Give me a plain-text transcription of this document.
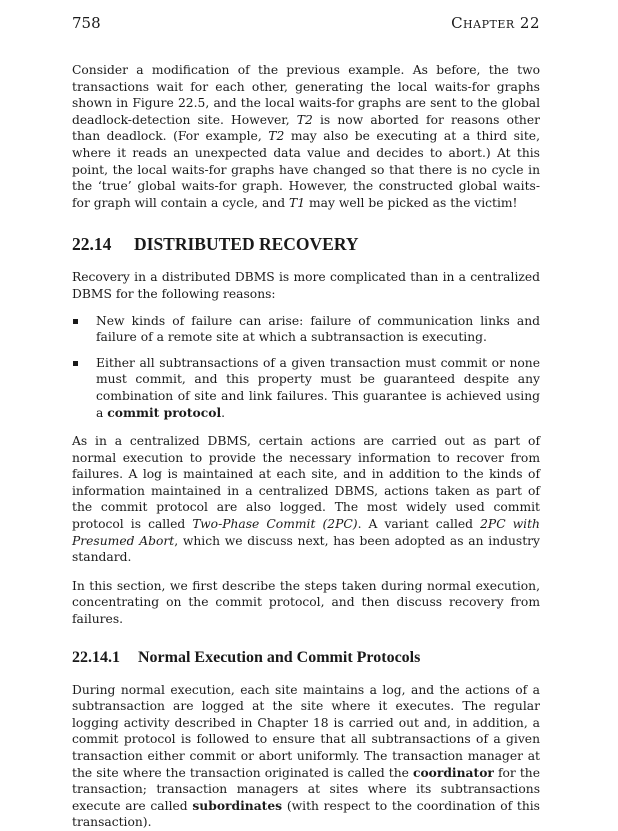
758	Chapter 22

Consider a modification of the previous example. As before, the two transactions wait for each other, generating the local waits-for graphs shown in Figure 22.5, and the local waits-for graphs are sent to the global deadlock-detection site. However, T2 is now aborted for reasons other than deadlock. (For example, T2 may also be executing at a third site, where it reads an unexpected data value and decides to abort.) At this point, the local waits-for graphs have changed so that there is no cycle in the ‘true’ global waits-for graph. However, the constructed global waits-for graph will contain a cycle, and T1 may well be picked as the victim!

22.14 DISTRIBUTED RECOVERY

Recovery in a distributed DBMS is more complicated than in a centralized DBMS for the following reasons:

New kinds of failure can arise: failure of communication links and failure of a remote site at which a subtransaction is executing.
Either all subtransactions of a given transaction must commit or none must commit, and this property must be guaranteed despite any combination of site and link failures. This guarantee is achieved using a commit protocol.

As in a centralized DBMS, certain actions are carried out as part of normal execution to provide the necessary information to recover from failures. A log is maintained at each site, and in addition to the kinds of information maintained in a centralized DBMS, actions taken as part of the commit protocol are also logged. The most widely used commit protocol is called Two-Phase Commit (2PC). A variant called 2PC with Presumed Abort, which we discuss next, has been adopted as an industry standard.

In this section, we first describe the steps taken during normal execution, concentrating on the commit protocol, and then discuss recovery from failures.

22.14.1 Normal Execution and Commit Protocols

During normal execution, each site maintains a log, and the actions of a subtransaction are logged at the site where it executes. The regular logging activity described in Chapter 18 is carried out and, in addition, a commit protocol is followed to ensure that all subtransactions of a given transaction either commit or abort uniformly. The transaction manager at the site where the transaction originated is called the coordinator for the transaction; transaction managers at sites where its subtransactions execute are called subordinates (with respect to the coordination of this transaction).
